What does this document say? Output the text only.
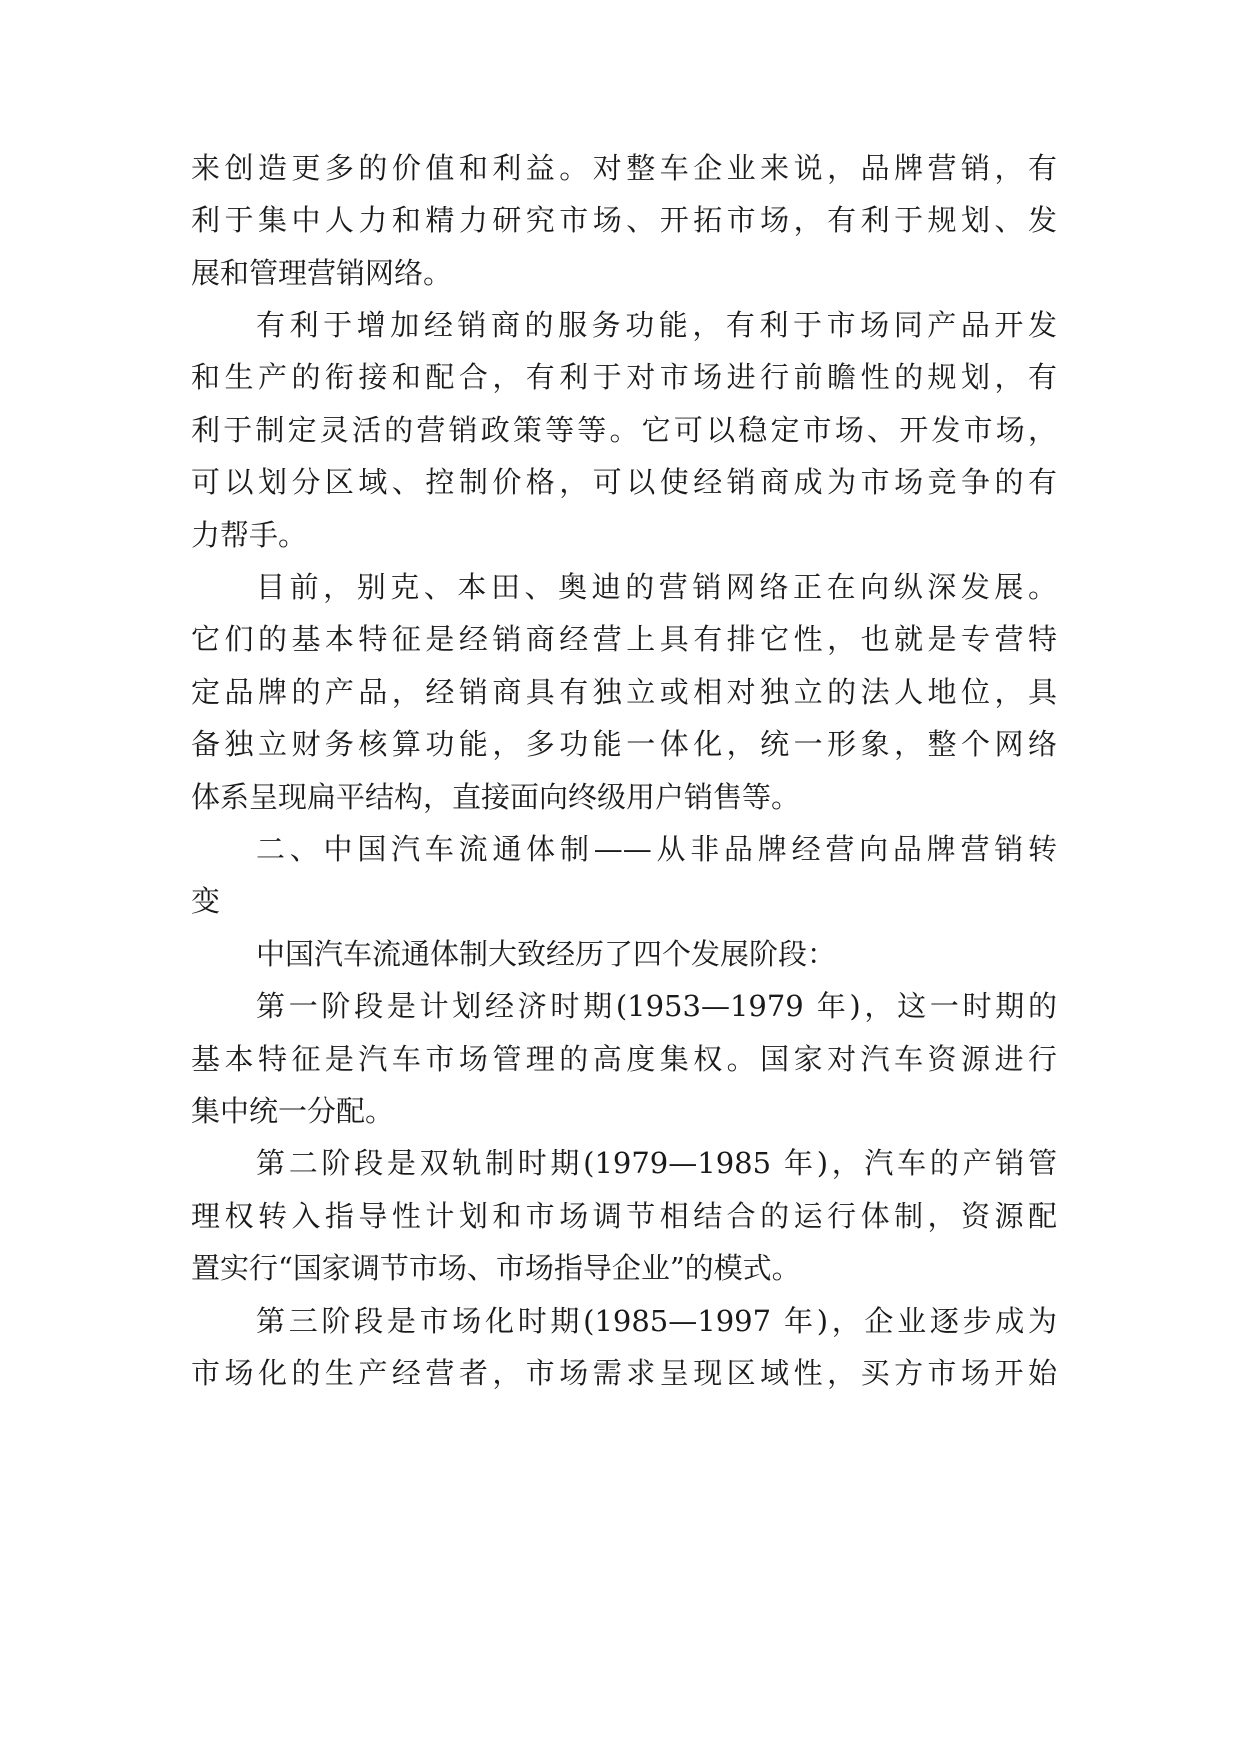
来创造更多的价值和利益。对整车企业来说，品牌营销，有
利于集中人力和精力研究市场、开拓市场，有利于规划、发
展和管理营销网络。
有利于增加经销商的服务功能，有利于市场同产品开发
和生产的衔接和配合，有利于对市场进行前瞻性的规划，有
利于制定灵活的营销政策等等。它可以稳定市场、开发市场，
可以划分区域、控制价格，可以使经销商成为市场竞争的有
力帮手。
目前，别克、本田、奥迪的营销网络正在向纵深发展。
它们的基本特征是经销商经营上具有排它性，也就是专营特
定品牌的产品，经销商具有独立或相对独立的法人地位，具
备独立财务核算功能，多功能一体化，统一形象，整个网络
体系呈现扁平结构，直接面向终级用户销售等。
二、中国汽车流通体制——从非品牌经营向品牌营销转
变
中国汽车流通体制大致经历了四个发展阶段：
第一阶段是计划经济时期(1953—1979 年)，这一时期的
基本特征是汽车市场管理的高度集权。国家对汽车资源进行
集中统一分配。
第二阶段是双轨制时期(1979—1985 年)，汽车的产销管
理权转入指导性计划和市场调节相结合的运行体制，资源配
置实行“国家调节市场、市场指导企业”的模式。
第三阶段是市场化时期(1985—1997 年)，企业逐步成为
市场化的生产经营者，市场需求呈现区域性，买方市场开始
